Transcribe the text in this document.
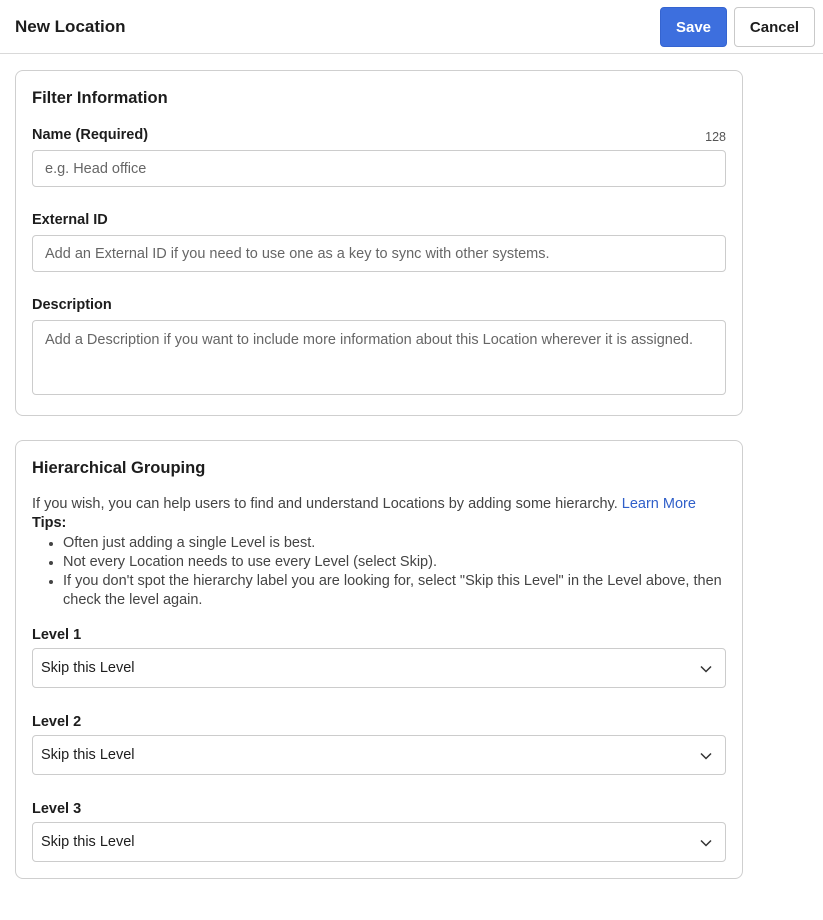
New Location	Save	Cancel
Filter Information
Name (Required)	128
e.g. Head office
External ID
Add an External ID if you need to use one as a key to sync with other systems.
Description
Add a Description if you want to include more information about this Location wherever it is assigned.
Hierarchical Grouping

If you wish, you can help users to find and understand Locations by adding some hierarchy. Learn More

Tips:
Often just adding a single Level is best.
Not every Location needs to use every Level (select Skip).
If you don't spot the hierarchy label you are looking for, select "Skip this Level" in the Level above, then check the level again.
Level 1
Skip this Level
Level 2
Skip this Level
Level 3
Skip this Level
